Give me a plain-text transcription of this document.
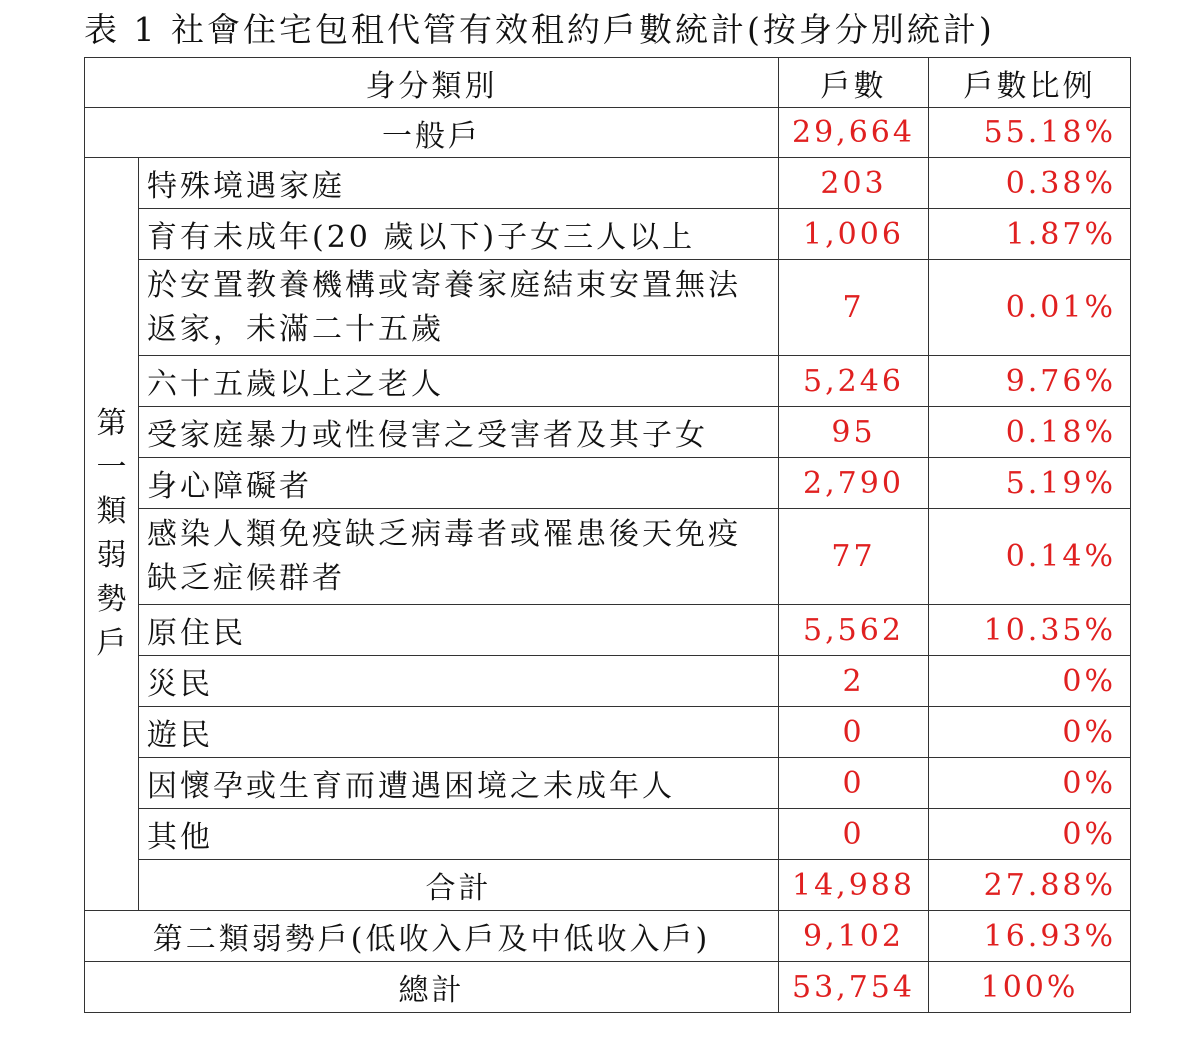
表 1 社會住宅包租代管有效租約戶數統計(按身分別統計)
身分類別		戶數	戶數比例
一般戶		29,664	55.18%
第一類弱勢戶	特殊境遇家庭	203	0.38%
	育有未成年(20 歲以下)子女三人以上	1,006	1.87%
	於安置教養機構或寄養家庭結束安置無法返家，未滿二十五歲	7	0.01%
	六十五歲以上之老人	5,246	9.76%
	受家庭暴力或性侵害之受害者及其子女	95	0.18%
	身心障礙者	2,790	5.19%
	感染人類免疫缺乏病毒者或罹患後天免疫缺乏症候群者	77	0.14%
	原住民	5,562	10.35%
	災民	2	0%
	遊民	0	0%
	因懷孕或生育而遭遇困境之未成年人	0	0%
	其他	0	0%
	合計	14,988	27.88%
第二類弱勢戶(低收入戶及中低收入戶)		9,102	16.93%
總計		53,754	100%
